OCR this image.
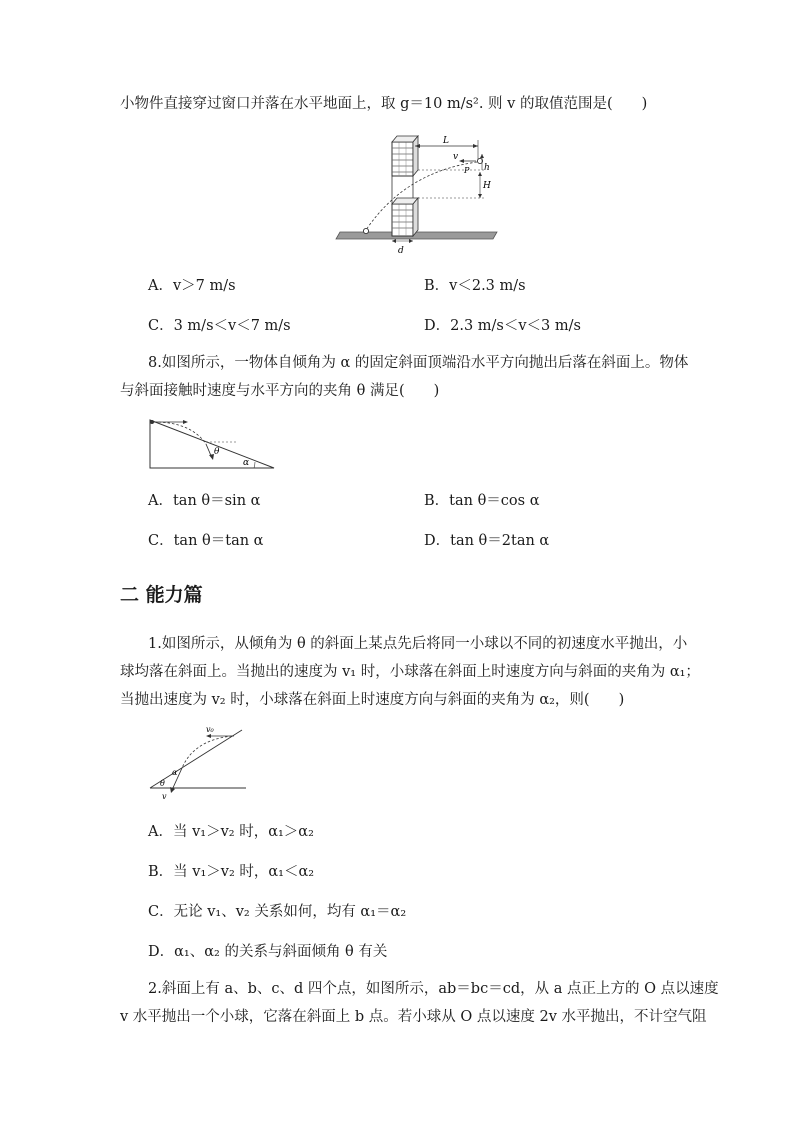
小物件直接穿过窗口并落在水平地面上，取 g＝10 m/s². 则 v 的取值范围是(　　)
L
v
P h
H
d
A．v＞7 m/s	B．v＜2.3 m/s
C．3 m/s＜v＜7 m/s	D．2.3 m/s＜v＜3 m/s
8.如图所示，一物体自倾角为 α 的固定斜面顶端沿水平方向抛出后落在斜面上。物体
与斜面接触时速度与水平方向的夹角 θ 满足(　　)
θ
α
A．tan θ＝sin α	B．tan θ＝cos α
C．tan θ＝tan α	D．tan θ＝2tan α
二 能力篇
1.如图所示，从倾角为 θ 的斜面上某点先后将同一小球以不同的初速度水平抛出，小
球均落在斜面上。当抛出的速度为 v₁ 时，小球落在斜面上时速度方向与斜面的夹角为 α₁；
当抛出速度为 v₂ 时，小球落在斜面上时速度方向与斜面的夹角为 α₂，则(　　)
v₀
α
θ
v
A．当 v₁＞v₂ 时，α₁＞α₂
B．当 v₁＞v₂ 时，α₁＜α₂
C．无论 v₁、v₂ 关系如何，均有 α₁＝α₂
D．α₁、α₂ 的关系与斜面倾角 θ 有关
2.斜面上有 a、b、c、d 四个点，如图所示，ab＝bc＝cd，从 a 点正上方的 O 点以速度
v 水平抛出一个小球，它落在斜面上 b 点。若小球从 O 点以速度 2v 水平抛出，不计空气阻
